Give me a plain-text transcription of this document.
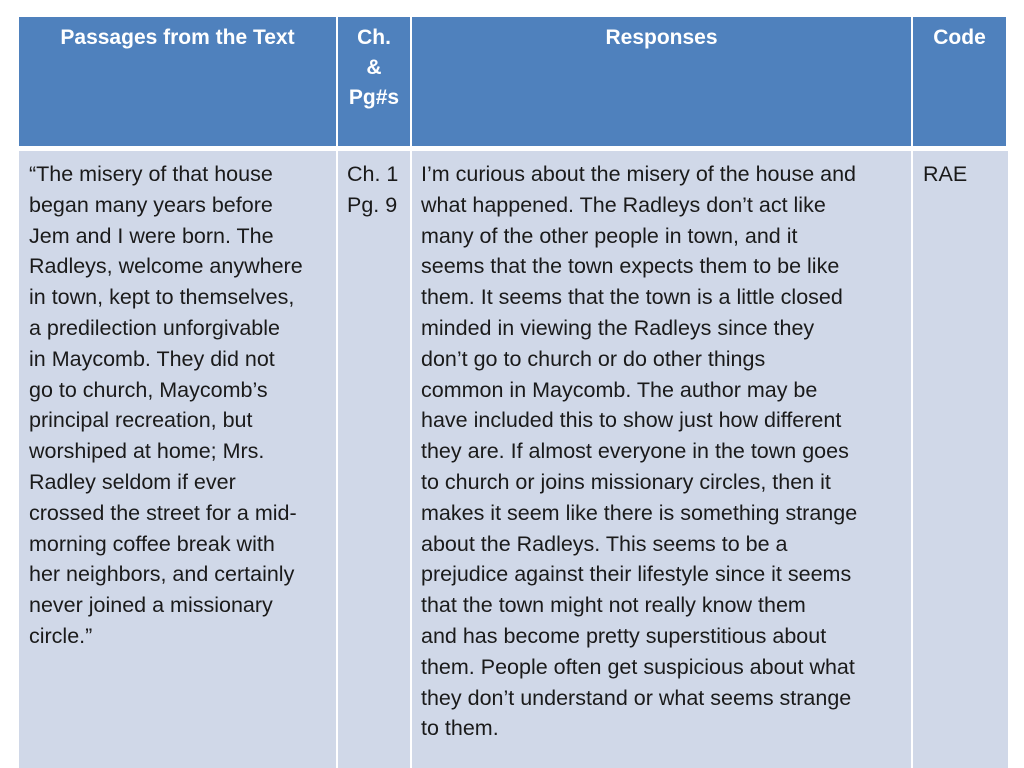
Passages from the Text	Ch.
&
Pg#s
Responses	Code
“The misery of that house
began many years before
Jem and I were born. The
Radleys, welcome anywhere
in town, kept to themselves,
a predilection unforgivable
in Maycomb. They did not
go to church, Maycomb’s
principal recreation, but
worshiped at home; Mrs.
Radley seldom if ever
crossed the street for a mid-
morning coffee break with
her neighbors, and certainly
never joined a missionary
circle.”
Ch. 1
Pg. 9
I’m curious about the misery of the house and
what happened. The Radleys don’t act like
many of the other people in town, and it
seems that the town expects them to be like
them. It seems that the town is a little closed
minded in viewing the Radleys since they
don’t go to church or do other things
common in Maycomb. The author may be
have included this to show just how different
they are. If almost everyone in the town goes
to church or joins missionary circles, then it
makes it seem like there is something strange
about the Radleys. This seems to be a
prejudice against their lifestyle since it seems
that the town might not really know them
and has become pretty superstitious about
them. People often get suspicious about what
they don’t understand or what seems strange
to them.
RAE
